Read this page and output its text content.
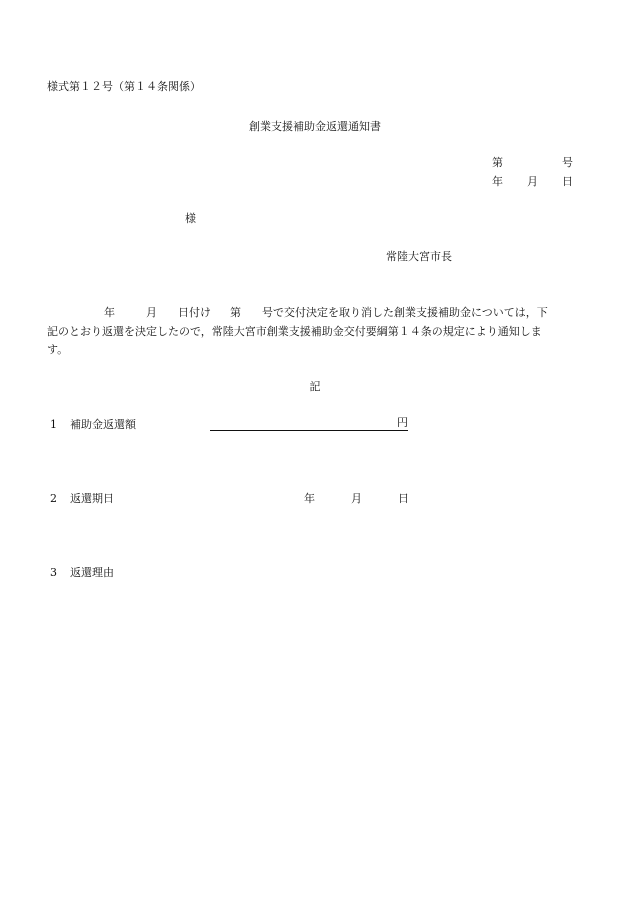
様式第１２号（第１４条関係）
創業支援補助金返還通知書
第	号
年 月 日
様
常陸大宮市長
年	月 日付け 第 号で交付決定を取り消した創業支援補助金については，下
記のとおり返還を決定したので，常陸大宮市創業支援補助金交付要綱第１４条の規定により通知しま
す。
記
1 補助金返還額	円
2 返還期日	年	月	日
3 返還理由
